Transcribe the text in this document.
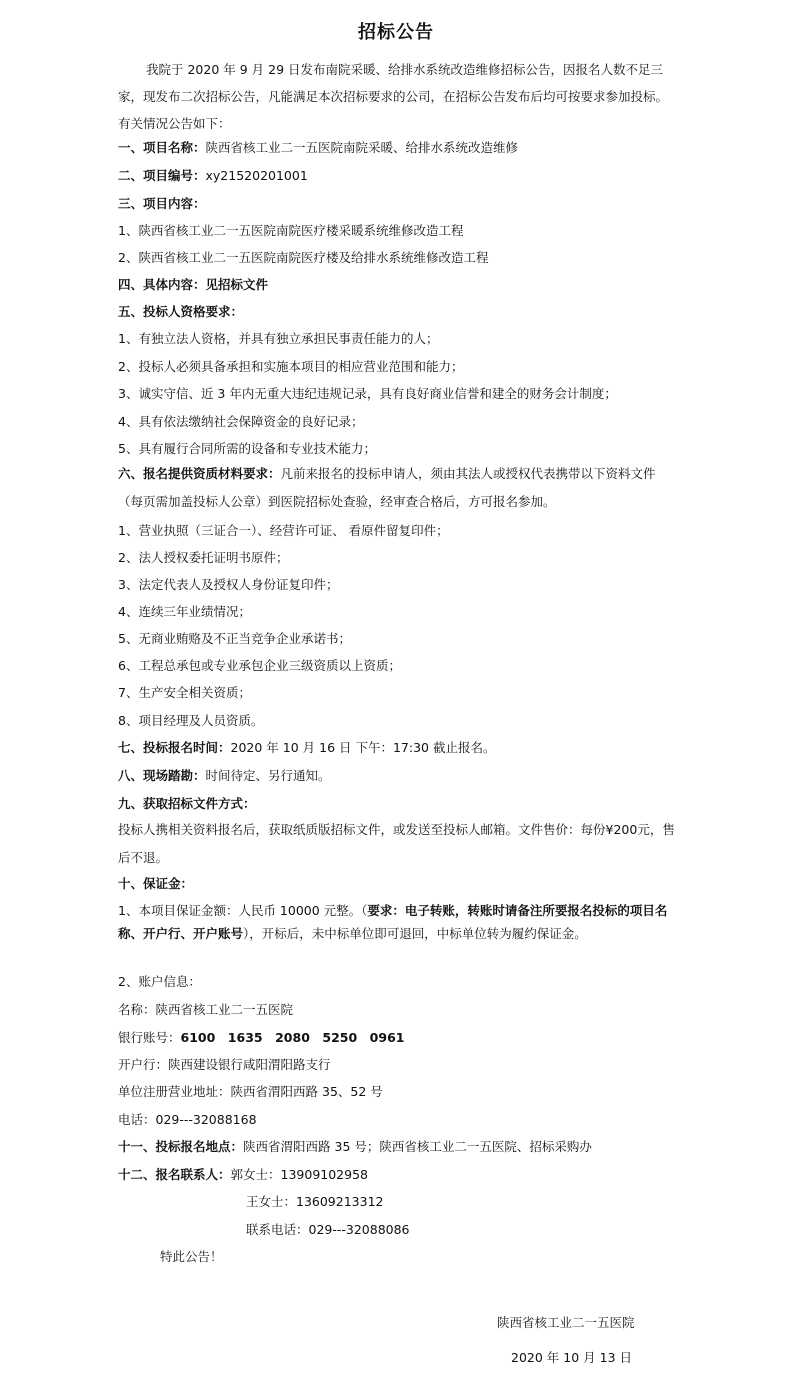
招标公告
我院于 2020 年 9 月 29 日发布南院采暖、给排水系统改造维修招标公告，因报名人数不足三家，现发布二次招标公告，凡能满足本次招标要求的公司，在招标公告发布后均可按要求参加投标。有关情况公告如下：
一、项目名称：陕西省核工业二一五医院南院采暖、给排水系统改造维修
二、项目编号：xy21520201001
三、项目内容：
1、陕西省核工业二一五医院南院医疗楼采暖系统维修改造工程
2、陕西省核工业二一五医院南院医疗楼及给排水系统维修改造工程
四、具体内容：见招标文件
五、投标人资格要求：
1、有独立法人资格，并具有独立承担民事责任能力的人；
2、投标人必须具备承担和实施本项目的相应营业范围和能力；
3、诚实守信、近 3 年内无重大违纪违规记录，具有良好商业信誉和建全的财务会计制度；
4、具有依法缴纳社会保障资金的良好记录；
5、具有履行合同所需的设备和专业技术能力；
六、报名提供资质材料要求：凡前来报名的投标申请人，须由其法人或授权代表携带以下资料文件（每页需加盖投标人公章）到医院招标处查验，经审查合格后，方可报名参加。
1、营业执照（三证合一）、经营许可证、 看原件留复印件；
2、法人授权委托证明书原件；
3、法定代表人及授权人身份证复印件；
4、连续三年业绩情况；
5、无商业贿赂及不正当竞争企业承诺书；
6、工程总承包或专业承包企业三级资质以上资质；
7、生产安全相关资质；
8、项目经理及人员资质。
七、投标报名时间：2020 年 10 月 16 日 下午：17:30 截止报名。
八、现场踏勘：时间待定、另行通知。
九、获取招标文件方式：
投标人携相关资料报名后，获取纸质版招标文件，或发送至投标人邮箱。文件售价：每份¥200元，售后不退。
十、保证金：
1、本项目保证金额：人民币 10000 元整。（要求：电子转账，转账时请备注所要报名投标的项目名称、开户行、开户账号），开标后，未中标单位即可退回，中标单位转为履约保证金。
2、账户信息：
名称：陕西省核工业二一五医院
银行账号：6100　1635　2080　5250　0961
开户行：陕西建设银行咸阳渭阳路支行
单位注册营业地址：陕西省渭阳西路 35、52 号
电话：029---32088168
十一、投标报名地点：陕西省渭阳西路 35 号；陕西省核工业二一五医院、招标采购办
十二、报名联系人：郭女士：13909102958
王女士：13609213312
联系电话：029---32088086
特此公告！
陕西省核工业二一五医院
2020 年 10 月 13 日
